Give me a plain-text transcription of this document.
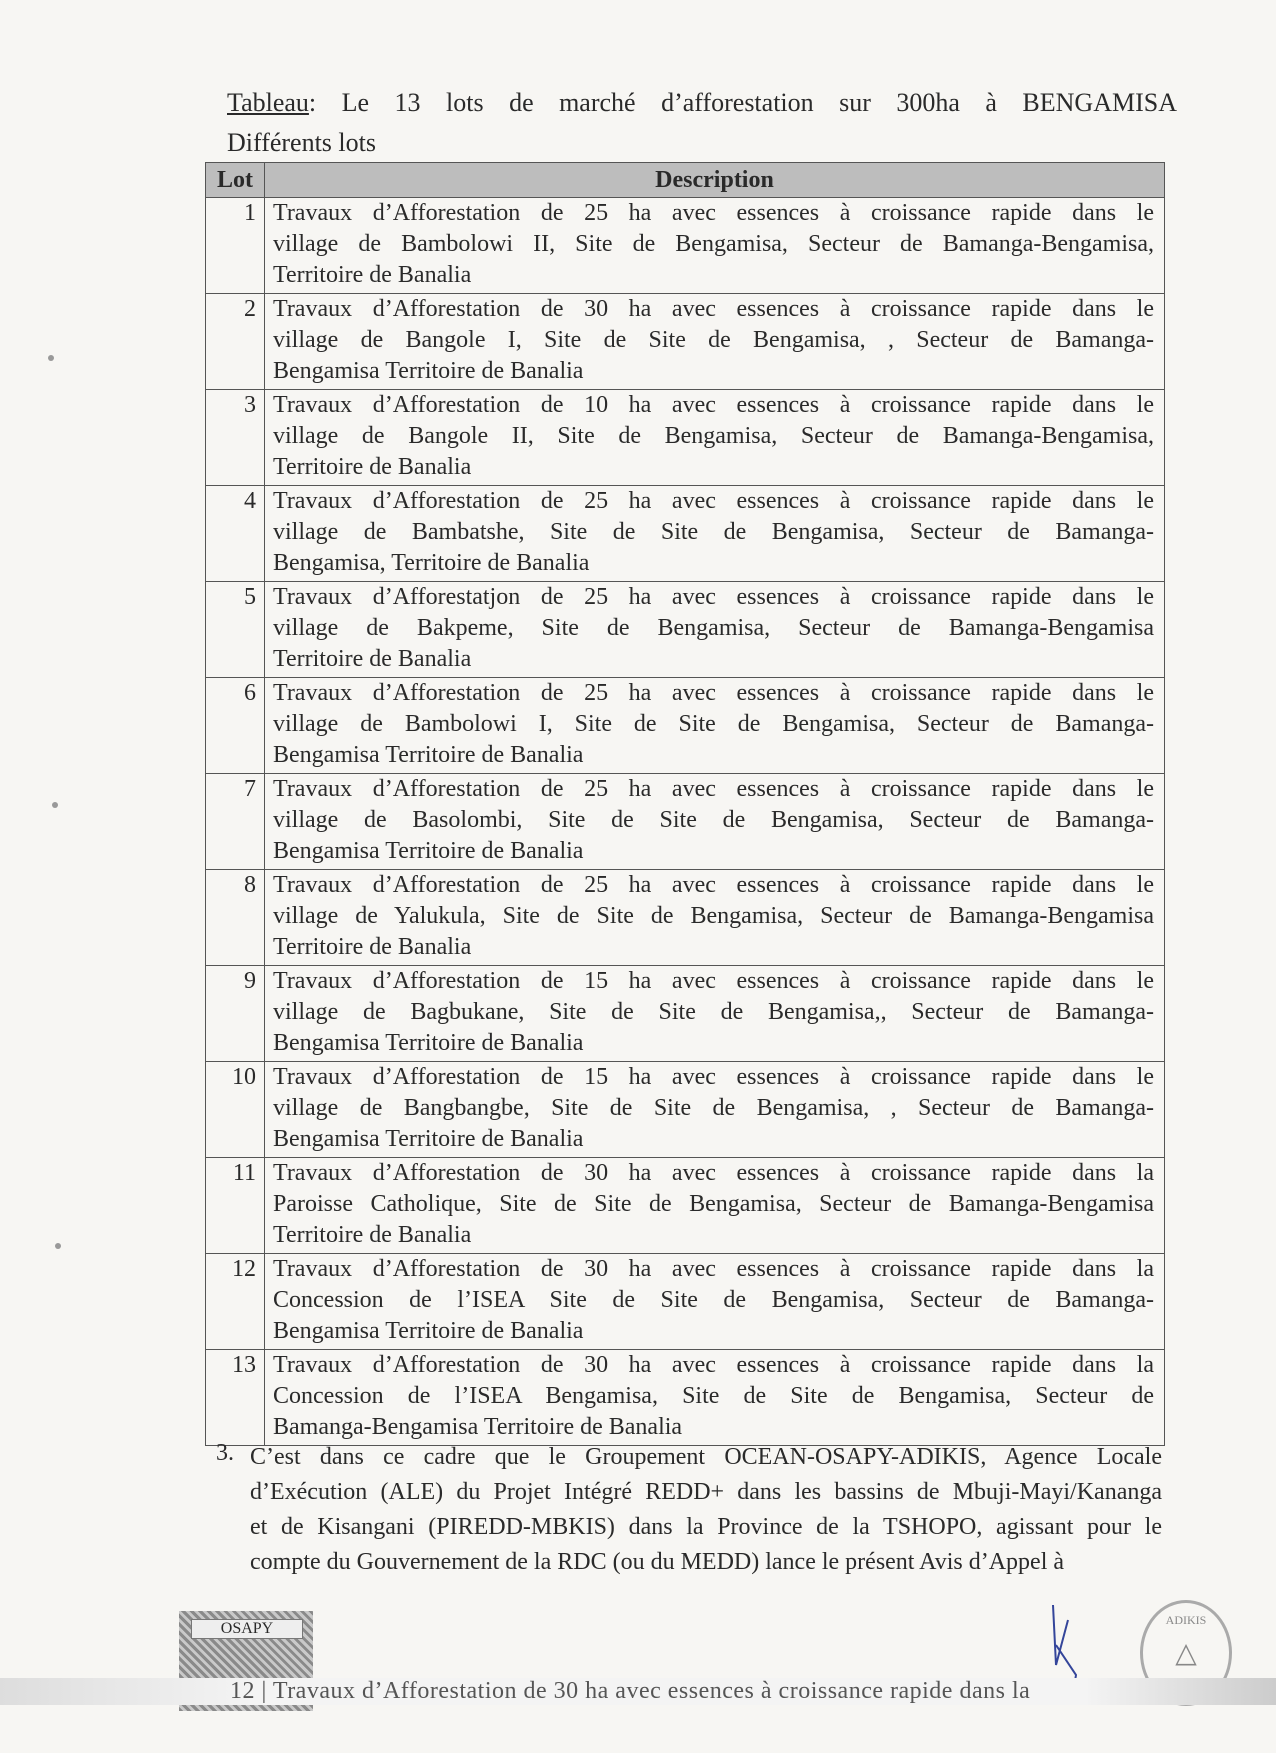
Tableau: Le 13 lots de marché d’afforestation sur 300ha à BENGAMISA
Différents lots
Lot	Description
1	Travaux d’Afforestation de 25 ha avec essences à croissance rapide dans le
village de Bambolowi II, Site de Bengamisa, Secteur de Bamanga-Bengamisa,
Territoire de Banalia

2	Travaux d’Afforestation de 30 ha avec essences à croissance rapide dans le
village de Bangole I, Site de Site de Bengamisa, , Secteur de Bamanga-
Bengamisa Territoire de Banalia

3	Travaux d’Afforestation de 10 ha avec essences à croissance rapide dans le
village de Bangole II, Site de Bengamisa, Secteur de Bamanga-Bengamisa,
Territoire de Banalia

4	Travaux d’Afforestation de 25 ha avec essences à croissance rapide dans le
village de Bambatshe, Site de Site de Bengamisa, Secteur de Bamanga-
Bengamisa, Territoire de Banalia

5	Travaux d’Afforestatjon de 25 ha avec essences à croissance rapide dans le
village de Bakpeme, Site de Bengamisa, Secteur de Bamanga-Bengamisa
Territoire de Banalia

6	Travaux d’Afforestation de 25 ha avec essences à croissance rapide dans le
village de Bambolowi I, Site de Site de Bengamisa, Secteur de Bamanga-
Bengamisa Territoire de Banalia

7	Travaux d’Afforestation de 25 ha avec essences à croissance rapide dans le
village de Basolombi, Site de Site de Bengamisa, Secteur de Bamanga-
Bengamisa Territoire de Banalia

8	Travaux d’Afforestation de 25 ha avec essences à croissance rapide dans le
village de Yalukula, Site de Site de Bengamisa, Secteur de Bamanga-Bengamisa
Territoire de Banalia

9	Travaux d’Afforestation de 15 ha avec essences à croissance rapide dans le
village de Bagbukane, Site de Site de Bengamisa,, Secteur de Bamanga-
Bengamisa Territoire de Banalia

10	Travaux d’Afforestation de 15 ha avec essences à croissance rapide dans le
village de Bangbangbe, Site de Site de Bengamisa, , Secteur de Bamanga-
Bengamisa Territoire de Banalia

11	Travaux d’Afforestation de 30 ha avec essences à croissance rapide dans la
Paroisse Catholique, Site de Site de Bengamisa, Secteur de Bamanga-Bengamisa
Territoire de Banalia

12	Travaux d’Afforestation de 30 ha avec essences à croissance rapide dans la
Concession de l’ISEA Site de Site de Bengamisa, Secteur de Bamanga-
Bengamisa Territoire de Banalia

13	Travaux d’Afforestation de 30 ha avec essences à croissance rapide dans la
Concession de l’ISEA Bengamisa, Site de Site de Bengamisa, Secteur de
Bamanga-Bengamisa Territoire de Banalia
3. C’est dans ce cadre que le Groupement OCEAN-OSAPY-ADIKIS, Agence Locale
d’Exécution (ALE) du Projet Intégré REDD+ dans les bassins de Mbuji-Mayi/Kananga
et de Kisangani (PIREDD-MBKIS) dans la Province de la TSHOPO, agissant pour le
compte du Gouvernement de la RDC (ou du MEDD) lance le présent Avis d’Appel à
OSAPY	ADIKIS
△
12 | Travaux d’Afforestation de 30 ha avec essences à croissance rapide dans la
